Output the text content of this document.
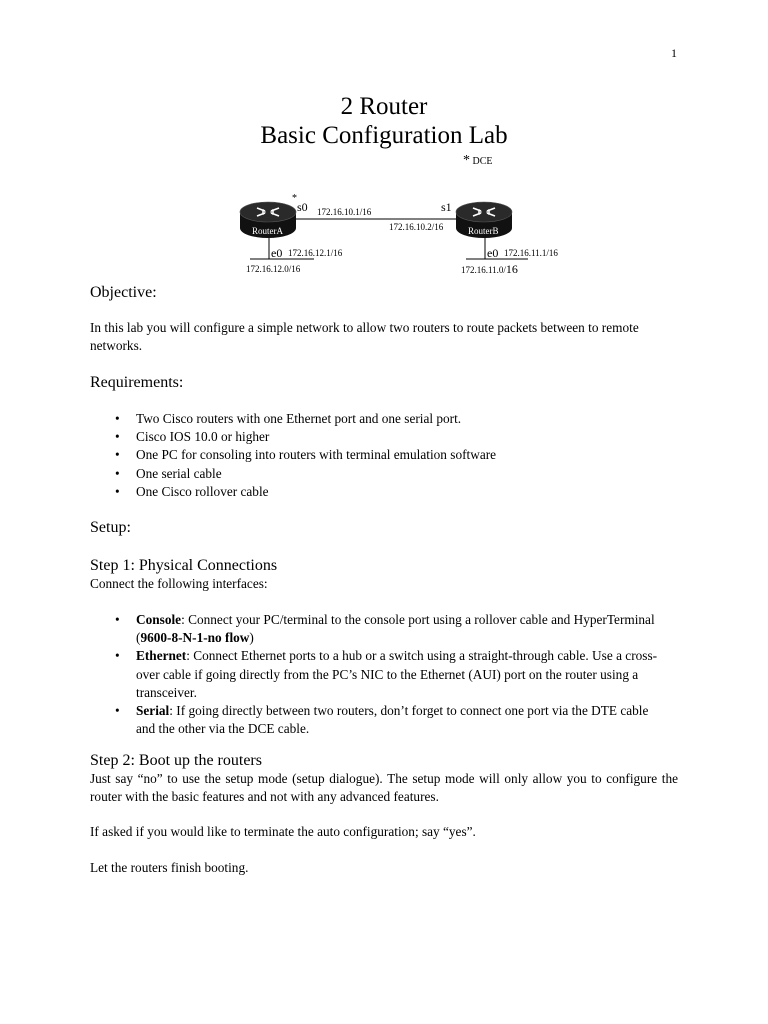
1
2 Router
Basic Configuration Lab
* DCE
RouterA	RouterB
*
s0 172.16.10.1/16	s1
172.16.10.2/16
e0 172.16.12.1/16
172.16.12.0/16
e0 172.16.11.1/16
172.16.11.0/16
Objective:
In this lab you will configure a simple network to allow two routers to route packets between to remote networks.
Requirements:
• Two Cisco routers with one Ethernet port and one serial port.
• Cisco IOS 10.0 or higher
• One PC for consoling into routers with terminal emulation software
• One serial cable
• One Cisco rollover cable
Setup:
Step 1: Physical Connections
Connect the following interfaces:
• Console: Connect your PC/terminal to the console port using a rollover cable and HyperTerminal (9600-8-N-1-no flow)
• Ethernet: Connect Ethernet ports to a hub or a switch using a straight-through cable. Use a cross-over cable if going directly from the PC’s NIC to the Ethernet (AUI) port on the router using a transceiver.
• Serial: If going directly between two routers, don’t forget to connect one port via the DTE cable and the other via the DCE cable.
Step 2: Boot up the routers
Just say “no” to use the setup mode (setup dialogue). The setup mode will only allow you to configure the router with the basic features and not with any advanced features.
If asked if you would like to terminate the auto configuration; say “yes”.
Let the routers finish booting.
